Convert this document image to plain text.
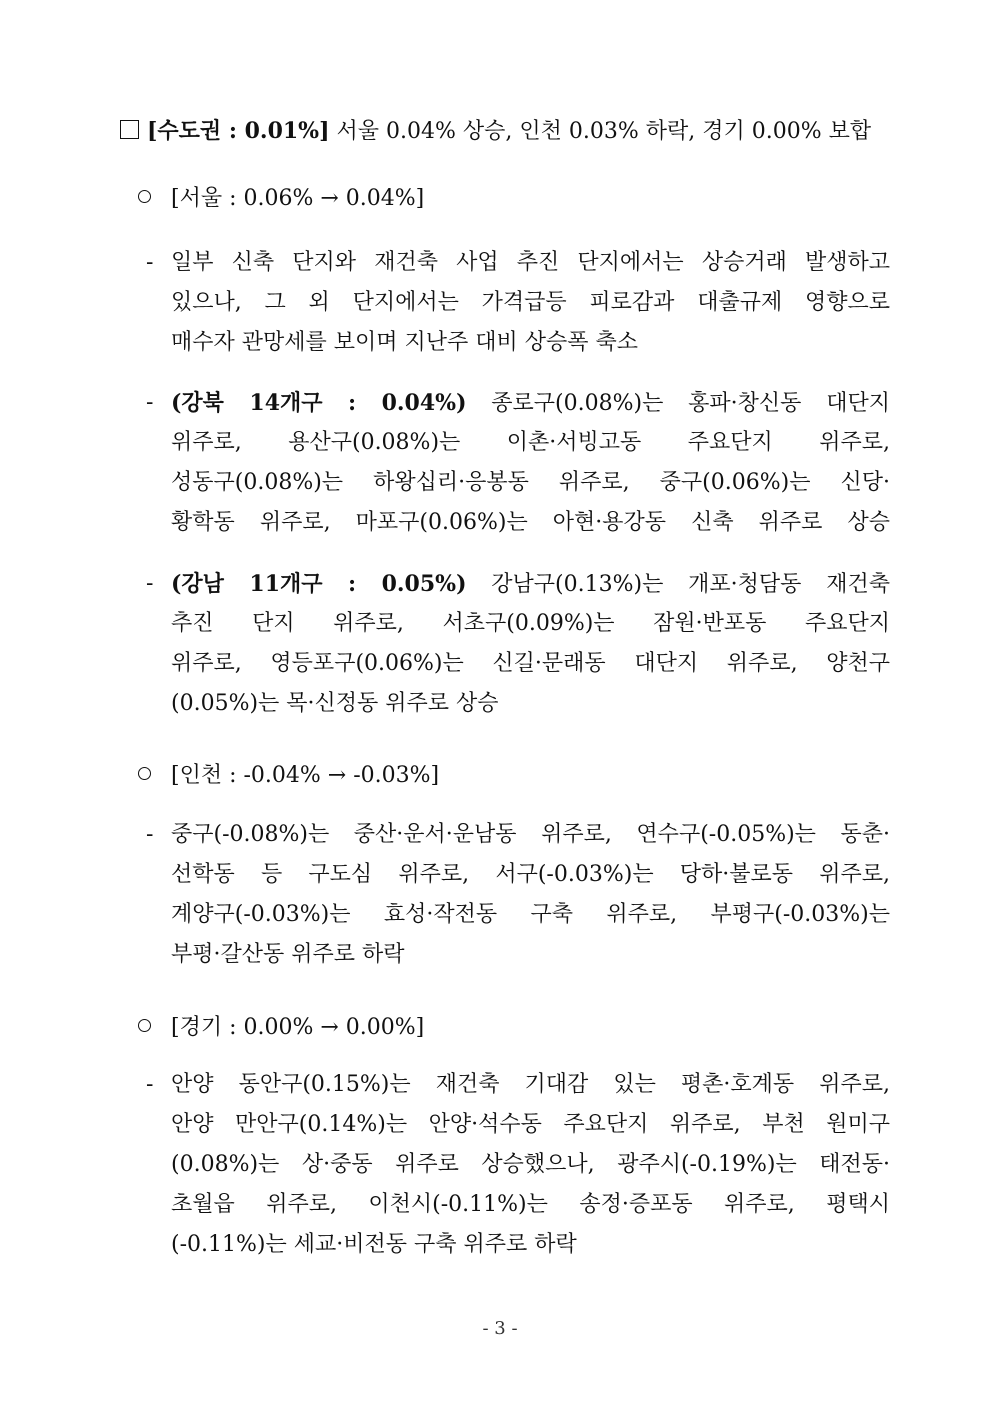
[수도권 : 0.01%] 서울 0.04% 상승, 인천 0.03% 하락, 경기 0.00% 보합
[서울 : 0.06% → 0.04%]
- 일부 신축 단지와 재건축 사업 추진 단지에서는 상승거래 발생하고
있으나, 그 외 단지에서는 가격급등 피로감과 대출규제 영향으로
매수자 관망세를 보이며 지난주 대비 상승폭 축소
- (강북 14개구 : 0.04%) 종로구(0.08%)는 홍파·창신동 대단지
위주로, 용산구(0.08%)는 이촌·서빙고동 주요단지 위주로,
성동구(0.08%)는 하왕십리·응봉동 위주로, 중구(0.06%)는 신당·
황학동 위주로, 마포구(0.06%)는 아현·용강동 신축 위주로 상승
- (강남 11개구 : 0.05%) 강남구(0.13%)는 개포·청담동 재건축
추진 단지 위주로, 서초구(0.09%)는 잠원·반포동 주요단지
위주로, 영등포구(0.06%)는 신길·문래동 대단지 위주로, 양천구
(0.05%)는 목·신정동 위주로 상승
[인천 : -0.04% → -0.03%]
- 중구(-0.08%)는 중산·운서·운남동 위주로, 연수구(-0.05%)는 동춘·
선학동 등 구도심 위주로, 서구(-0.03%)는 당하·불로동 위주로,
계양구(-0.03%)는 효성·작전동 구축 위주로, 부평구(-0.03%)는
부평·갈산동 위주로 하락
[경기 : 0.00% → 0.00%]
- 안양 동안구(0.15%)는 재건축 기대감 있는 평촌·호계동 위주로,
안양 만안구(0.14%)는 안양·석수동 주요단지 위주로, 부천 원미구
(0.08%)는 상·중동 위주로 상승했으나, 광주시(-0.19%)는 태전동·
초월읍 위주로, 이천시(-0.11%)는 송정·증포동 위주로, 평택시
(-0.11%)는 세교·비전동 구축 위주로 하락
- 3 -
